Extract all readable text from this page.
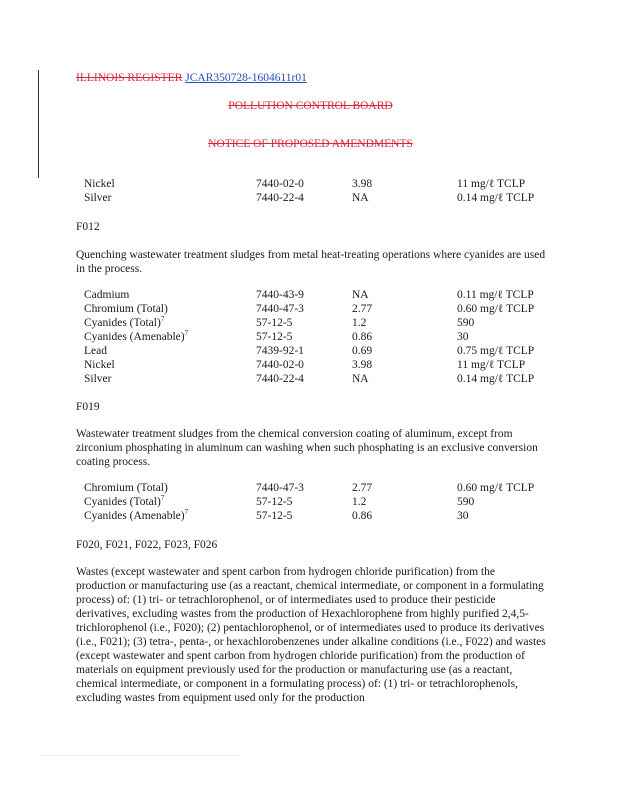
ILLINOIS REGISTER JCAR350728-1604611r01
POLLUTION CONTROL BOARD
NOTICE OF PROPOSED AMENDMENTS
Nickel	7440-02-0	3.98	11 mg/ℓ TCLP
Silver	7440-22-4	NA	0.14 mg/ℓ TCLP
F012

Quenching wastewater treatment sludges from metal heat-treating operations where cyanides are used in the process.

Cadmium	7440-43-9	NA	0.11 mg/ℓ TCLP
Chromium (Total)	7440-47-3	2.77	0.60 mg/ℓ TCLP
Cyanides (Total)$^7$	57-12-5	1.2	590
Cyanides (Amenable)$^7$	57-12-5	0.86	30
Lead	7439-92-1	0.69	0.75 mg/ℓ TCLP
Nickel	7440-02-0	3.98	11 mg/ℓ TCLP
Silver	7440-22-4	NA	0.14 mg/ℓ TCLP
F019

Wastewater treatment sludges from the chemical conversion coating of aluminum, except from zirconium phosphating in aluminum can washing when such phosphating is an exclusive conversion coating process.

Chromium (Total)	7440-47-3	2.77	0.60 mg/ℓ TCLP
Cyanides (Total)$^7$	57-12-5	1.2	590
Cyanides (Amenable)$^7$	57-12-5	0.86	30
F020, F021, F022, F023, F026

Wastes (except wastewater and spent carbon from hydrogen chloride purification) from the production or manufacturing use (as a reactant, chemical intermediate, or component in a formulating process) of: (1) tri- or tetrachlorophenol, or of intermediates used to produce their pesticide derivatives, excluding wastes from the production of Hexachlorophene from highly purified 2,4,5-trichlorophenol (i.e., F020); (2) pentachlorophenol, or of intermediates used to produce its derivatives (i.e., F021); (3) tetra-, penta-, or hexachlorobenzenes under alkaline conditions (i.e., F022) and wastes (except wastewater and spent carbon from hydrogen chloride purification) from the production of materials on equipment previously used for the production or manufacturing use (as a reactant, chemical intermediate, or component in a formulating process) of: (1) tri- or tetrachlorophenols, excluding wastes from equipment used only for the production
